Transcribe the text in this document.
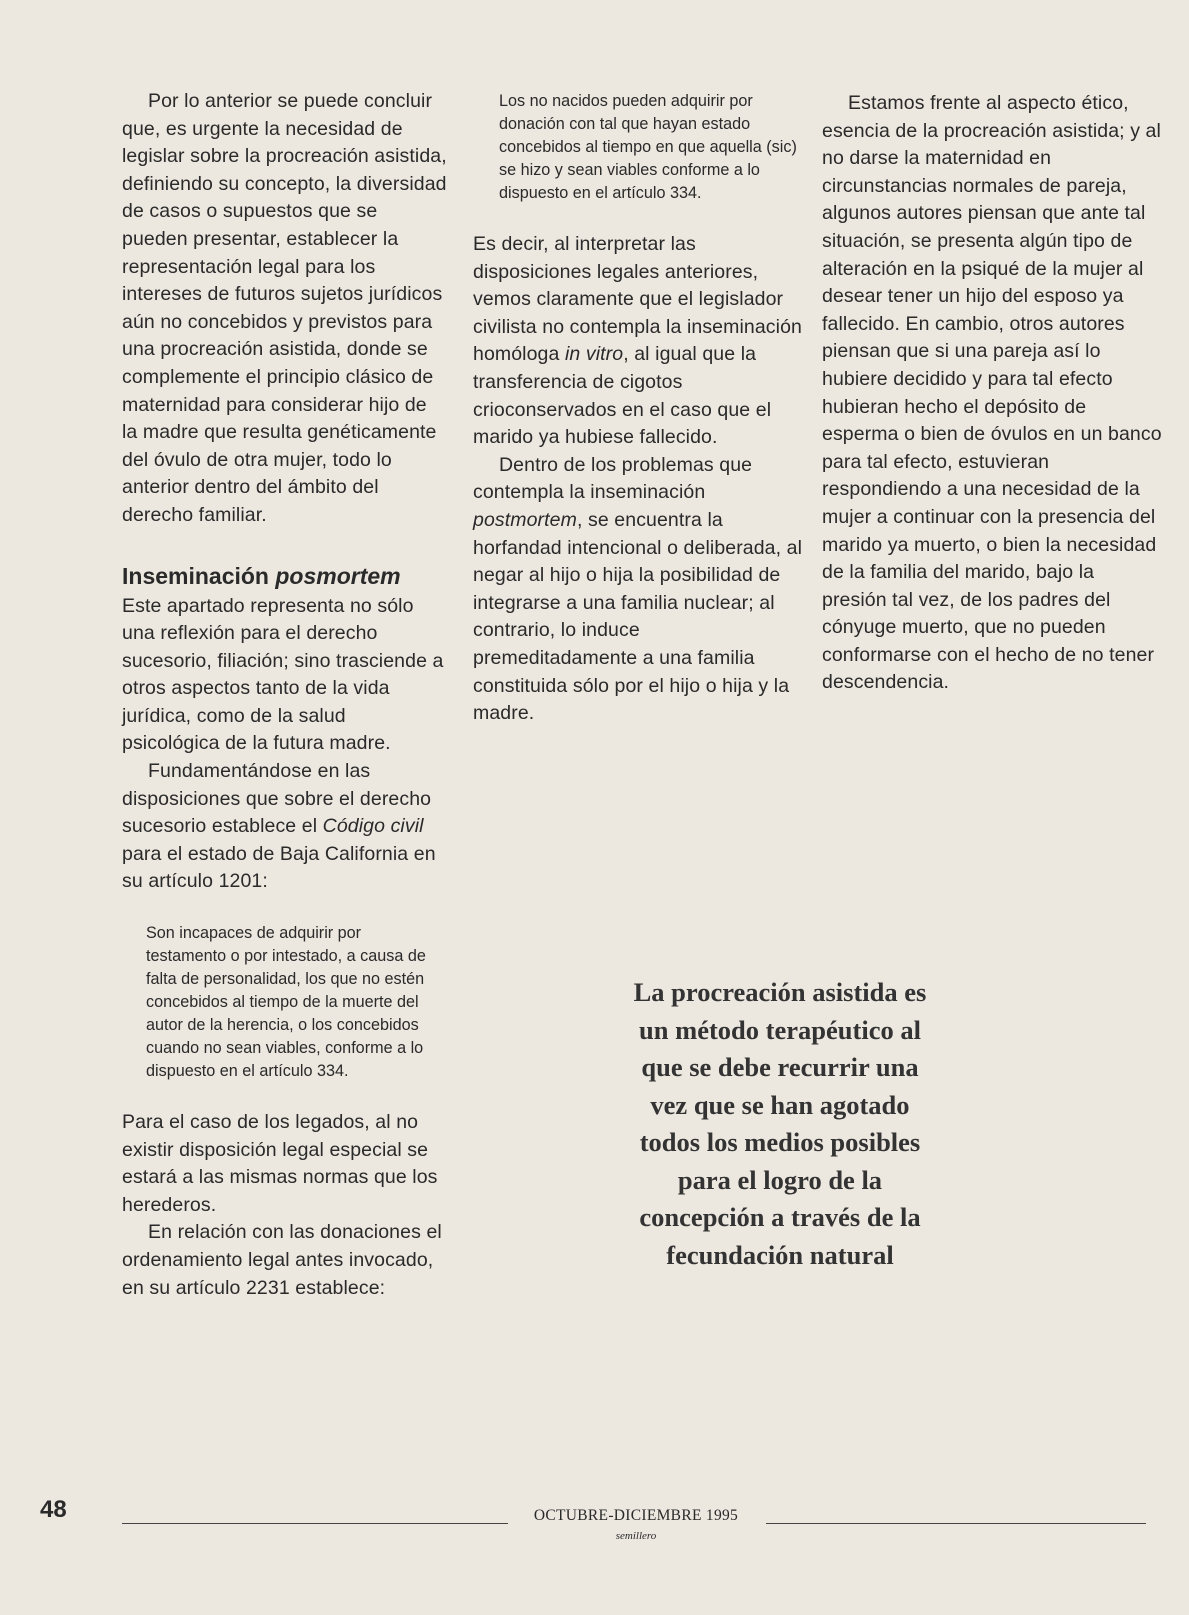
Por lo anterior se puede concluir que, es urgente la necesidad de legislar sobre la procreación asistida, definiendo su concepto, la diversidad de casos o supuestos que se pueden presentar, establecer la representación legal para los intereses de futuros sujetos jurídicos aún no concebidos y previstos para una procreación asistida, donde se complemente el principio clásico de maternidad para considerar hijo de la madre que resulta genéticamente del óvulo de otra mujer, todo lo anterior dentro del ámbito del derecho familiar.

Inseminación posmortem

Este apartado representa no sólo una reflexión para el derecho sucesorio, filiación; sino trasciende a otros aspectos tanto de la vida jurídica, como de la salud psicológica de la futura madre.

Fundamentándose en las disposiciones que sobre el derecho sucesorio establece el Código civil para el estado de Baja California en su artículo 1201:

Son incapaces de adquirir por testamento o por intestado, a causa de falta de personalidad, los que no estén concebidos al tiempo de la muerte del autor de la herencia, o los concebidos cuando no sean viables, conforme a lo dispuesto en el artículo 334.

Para el caso de los legados, al no existir disposición legal especial se estará a las mismas normas que los herederos.

En relación con las donaciones el ordenamiento legal antes invocado, en su artículo 2231 establece:

Los no nacidos pueden adquirir por donación con tal que hayan estado concebidos al tiempo en que aquella (sic) se hizo y sean viables conforme a lo dispuesto en el artículo 334.

Es decir, al interpretar las disposiciones legales anteriores, vemos claramente que el legislador civilista no contempla la inseminación homóloga in vitro, al igual que la transferencia de cigotos crioconservados en el caso que el marido ya hubiese fallecido.

Dentro de los problemas que contempla la inseminación postmortem, se encuentra la horfandad intencional o deliberada, al negar al hijo o hija la posibilidad de integrarse a una familia nuclear; al contrario, lo induce premeditadamente a una familia constituida sólo por el hijo o hija y la madre.

Estamos frente al aspecto ético, esencia de la procreación asistida; y al no darse la maternidad en circunstancias normales de pareja, algunos autores piensan que ante tal situación, se presenta algún tipo de alteración en la psiqué de la mujer al desear tener un hijo del esposo ya fallecido. En cambio, otros autores piensan que si una pareja así lo hubiere decidido y para tal efecto hubieran hecho el depósito de esperma o bien de óvulos en un banco para tal efecto, estuvieran respondiendo a una necesidad de la mujer a continuar con la presencia del marido ya muerto, o bien la necesidad de la familia del marido, bajo la presión tal vez, de los padres del cónyuge muerto, que no pueden conformarse con el hecho de no tener descendencia.

La procreación asistida es
un método terapéutico al
que se debe recurrir una
vez que se han agotado
todos los medios posibles
para el logro de la
concepción a través de la
fecundación natural
48	OCTUBRE-DICIEMBRE 1995
semillero
